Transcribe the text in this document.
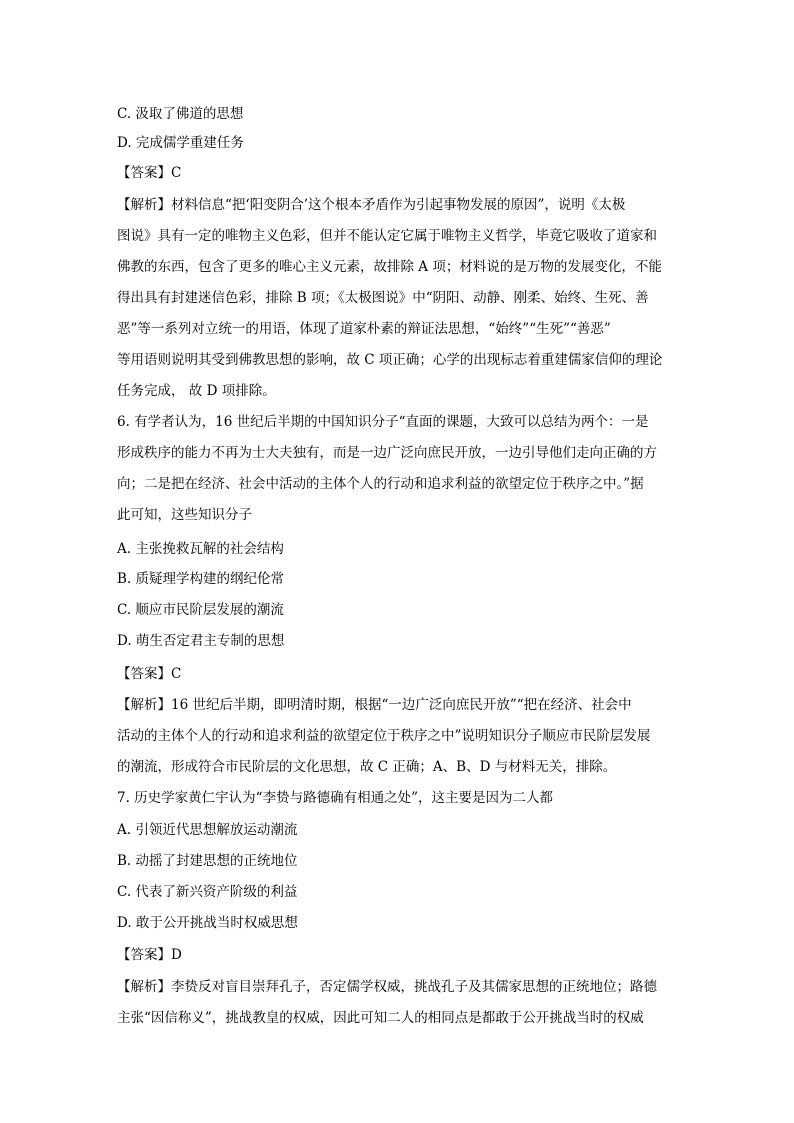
C. 汲取了佛道的思想
D. 完成儒学重建任务
【答案】C
【解析】材料信息“把‘阳变阴合’这个根本矛盾作为引起事物发展的原因”，说明《太极
图说》具有一定的唯物主义色彩，但并不能认定它属于唯物主义哲学，毕竟它吸收了道家和
佛教的东西，包含了更多的唯心主义元素，故排除 A 项；材料说的是万物的发展变化，不能
得出具有封建迷信色彩，排除 B 项；《太极图说》中“阴阳、动静、刚柔、始终、生死、善
恶”等一系列对立统一的用语，体现了道家朴素的辩证法思想，“始终”“生死”“善恶”
等用语则说明其受到佛教思想的影响，故 C 项正确；心学的出现标志着重建儒家信仰的理论
任务完成， 故 D 项排除。
6. 有学者认为，16 世纪后半期的中国知识分子“直面的课题，大致可以总结为两个：一是
形成秩序的能力不再为士大夫独有，而是一边广泛向庶民开放，一边引导他们走向正确的方
向；二是把在经济、社会中活动的主体个人的行动和追求利益的欲望定位于秩序之中。”据
此可知，这些知识分子
A. 主张挽救瓦解的社会结构
B. 质疑理学构建的纲纪伦常
C. 顺应市民阶层发展的潮流
D. 萌生否定君主专制的思想
【答案】C
【解析】16 世纪后半期，即明清时期，根据“一边广泛向庶民开放”“把在经济、社会中
活动的主体个人的行动和追求利益的欲望定位于秩序之中”说明知识分子顺应市民阶层发展
的潮流，形成符合市民阶层的文化思想，故 C 正确；A、B、D 与材料无关，排除。
7. 历史学家黄仁宇认为“李贽与路德确有相通之处”，这主要是因为二人都
A. 引领近代思想解放运动潮流
B. 动摇了封建思想的正统地位
C. 代表了新兴资产阶级的利益
D. 敢于公开挑战当时权威思想
【答案】D
【解析】李贽反对盲目崇拜孔子，否定儒学权威，挑战孔子及其儒家思想的正统地位；路德
主张“因信称义”，挑战教皇的权威，因此可知二人的相同点是都敢于公开挑战当时的权威
